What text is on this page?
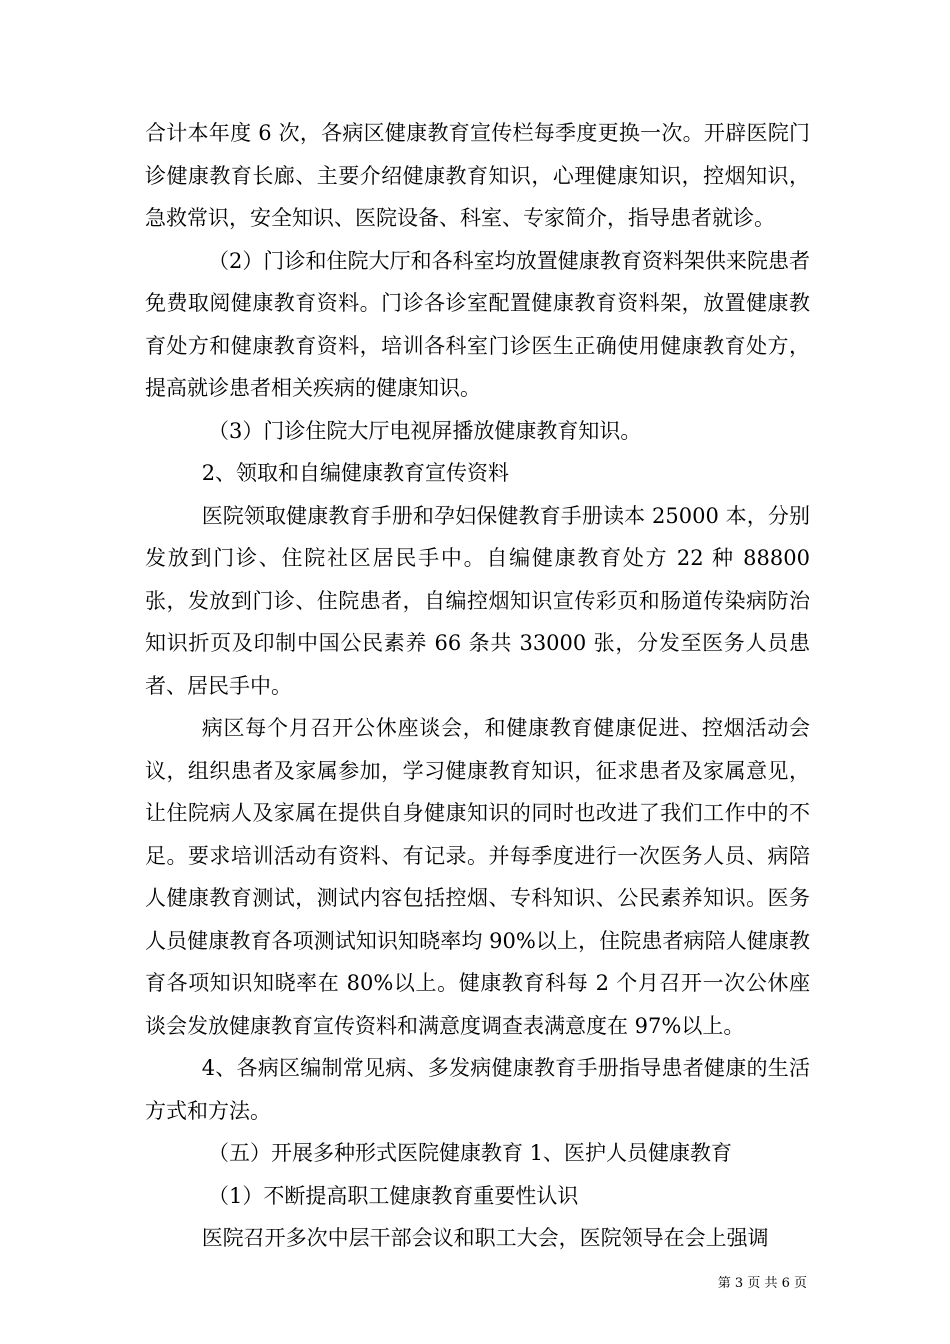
合计本年度 6 次，各病区健康教育宣传栏每季度更换一次。开辟医院门诊健康教育长廊、主要介绍健康教育知识，心理健康知识，控烟知识，急救常识，安全知识、医院设备、科室、专家简介，指导患者就诊。

（2）门诊和住院大厅和各科室均放置健康教育资料架供来院患者免费取阅健康教育资料。门诊各诊室配置健康教育资料架，放置健康教育处方和健康教育资料，培训各科室门诊医生正确使用健康教育处方，提高就诊患者相关疾病的健康知识。

（3）门诊住院大厅电视屏播放健康教育知识。

2、领取和自编健康教育宣传资料

医院领取健康教育手册和孕妇保健教育手册读本 25000 本，分别发放到门诊、住院社区居民手中。自编健康教育处方 22 种 88800 张，发放到门诊、住院患者，自编控烟知识宣传彩页和肠道传染病防治知识折页及印制中国公民素养 66 条共 33000 张，分发至医务人员患者、居民手中。

病区每个月召开公休座谈会，和健康教育健康促进、控烟活动会议，组织患者及家属参加，学习健康教育知识，征求患者及家属意见，让住院病人及家属在提供自身健康知识的同时也改进了我们工作中的不足。要求培训活动有资料、有记录。并每季度进行一次医务人员、病陪人健康教育测试，测试内容包括控烟、专科知识、公民素养知识。医务人员健康教育各项测试知识知晓率均 90%以上，住院患者病陪人健康教育各项知识知晓率在 80%以上。健康教育科每 2 个月召开一次公休座谈会发放健康教育宣传资料和满意度调查表满意度在 97%以上。

4、各病区编制常见病、多发病健康教育手册指导患者健康的生活方式和方法。

（五）开展多种形式医院健康教育 1、医护人员健康教育

（1）不断提高职工健康教育重要性认识

医院召开多次中层干部会议和职工大会，医院领导在会上强调

第 3 页 共 6 页
